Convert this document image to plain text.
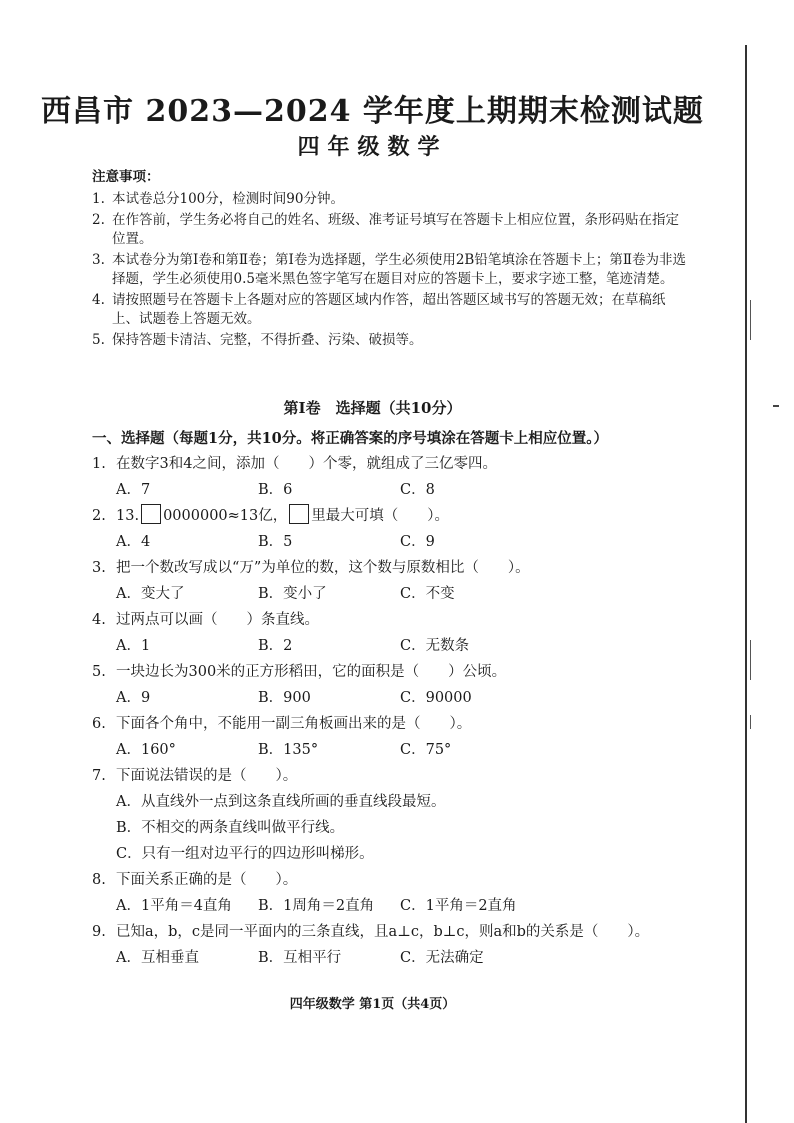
西昌市 2023—2024 学年度上期期末检测试题
四年级数学
注意事项：
1. 本试卷总分100分，检测时间90分钟。
2. 在作答前，学生务必将自己的姓名、班级、准考证号填写在答题卡上相应位置，条形码贴在指定位置。
3. 本试卷分为第Ⅰ卷和第Ⅱ卷；第Ⅰ卷为选择题，学生必须使用2B铅笔填涂在答题卡上；第Ⅱ卷为非选择题，学生必须使用0.5毫米黑色签字笔写在题目对应的答题卡上，要求字迹工整，笔迹清楚。
4. 请按照题号在答题卡上各题对应的答题区域内作答，超出答题区域书写的答题无效；在草稿纸上、试题卷上答题无效。
5. 保持答题卡清洁、完整，不得折叠、污染、破损等。
第Ⅰ卷　选择题（共10分）
一、选择题（每题1分，共10分。将正确答案的序号填涂在答题卡上相应位置。）
1. 在数字3和4之间，添加（　　）个零，就组成了三亿零四。
A．7	B．6	C．8
2. 13. 0000000≈13亿， 里最大可填（　　）。
A．4	B．5	C．9
3. 把一个数改写成以“万”为单位的数，这个数与原数相比（　　）。
A．变大了	B．变小了	C．不变
4. 过两点可以画（　　）条直线。
A．1	B．2	C．无数条
5. 一块边长为300米的正方形稻田，它的面积是（　　）公顷。
A．9	B．900	C．90000
6. 下面各个角中，不能用一副三角板画出来的是（　　）。
A．160°	B．135°	C．75°
7. 下面说法错误的是（　　）。
A．从直线外一点到这条直线所画的垂直线段最短。
B．不相交的两条直线叫做平行线。
C．只有一组对边平行的四边形叫梯形。
8. 下面关系正确的是（　　）。
A．1平角＝4直角 B．1周角＝2直角 C．1平角＝2直角
9. 已知a，b，c是同一平面内的三条直线，且a⊥c，b⊥c，则a和b的关系是（　　）。
A．互相垂直	B．互相平行	C．无法确定
四年级数学 第1页（共4页）
